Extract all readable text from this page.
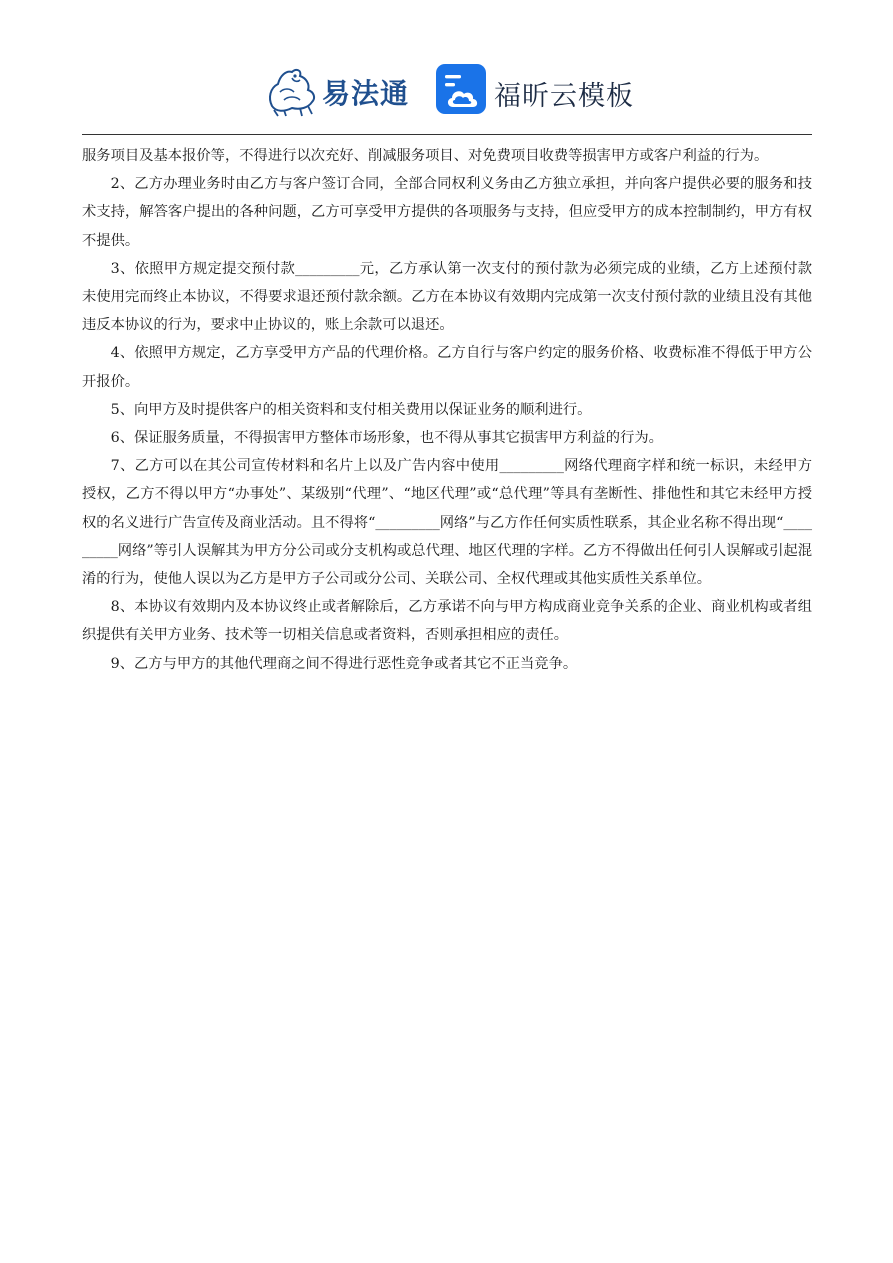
易法通	福昕云模板

服务项目及基本报价等，不得进行以次充好、削减服务项目、对免费项目收费等损害甲方或客户利益的行为。

2、乙方办理业务时由乙方与客户签订合同，全部合同权利义务由乙方独立承担，并向客户提供必要的服务和技术支持，解答客户提出的各种问题，乙方可享受甲方提供的各项服务与支持，但应受甲方的成本控制制约，甲方有权不提供。

3、依照甲方规定提交预付款_________元，乙方承认第一次支付的预付款为必须完成的业绩，乙方上述预付款未使用完而终止本协议，不得要求退还预付款余额。乙方在本协议有效期内完成第一次支付预付款的业绩且没有其他违反本协议的行为，要求中止协议的，账上余款可以退还。

4、依照甲方规定，乙方享受甲方产品的代理价格。乙方自行与客户约定的服务价格、收费标准不得低于甲方公开报价。

5、向甲方及时提供客户的相关资料和支付相关费用以保证业务的顺利进行。

6、保证服务质量，不得损害甲方整体市场形象，也不得从事其它损害甲方利益的行为。

7、乙方可以在其公司宣传材料和名片上以及广告内容中使用_________网络代理商字样和统一标识，未经甲方授权，乙方不得以甲方“办事处”、某级别“代理”、“地区代理”或“总代理”等具有垄断性、排他性和其它未经甲方授权的名义进行广告宣传及商业活动。且不得将“_________网络”与乙方作任何实质性联系，其企业名称不得出现“_________网络”等引人误解其为甲方分公司或分支机构或总代理、地区代理的字样。乙方不得做出任何引人误解或引起混淆的行为，使他人误以为乙方是甲方子公司或分公司、关联公司、全权代理或其他实质性关系单位。

8、本协议有效期内及本协议终止或者解除后，乙方承诺不向与甲方构成商业竞争关系的企业、商业机构或者组织提供有关甲方业务、技术等一切相关信息或者资料，否则承担相应的责任。

9、乙方与甲方的其他代理商之间不得进行恶性竞争或者其它不正当竞争。
